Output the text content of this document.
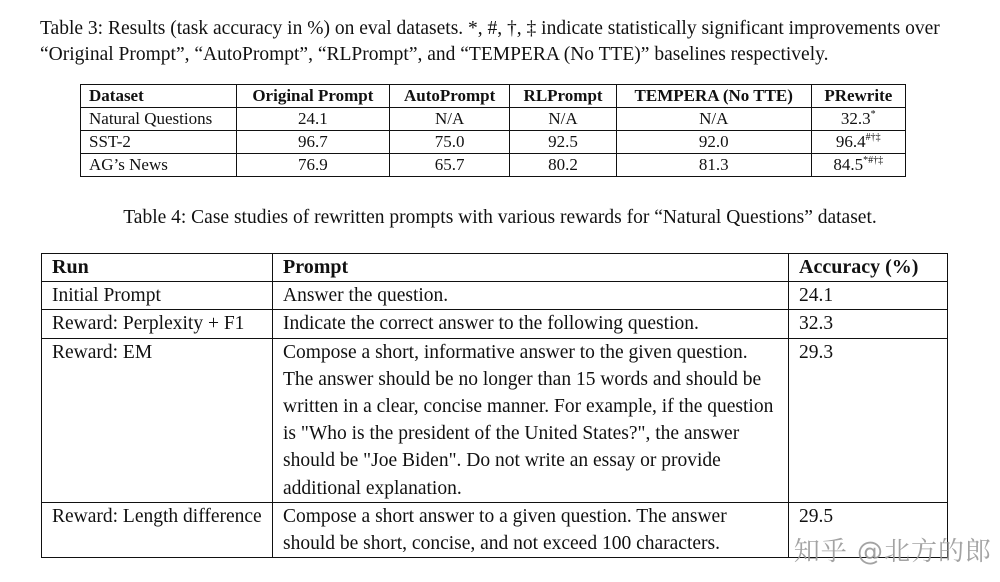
Table 3: Results (task accuracy in %) on eval datasets. *, #, †, ‡ indicate statistically significant improvements over “Original Prompt”, “AutoPrompt”, “RLPrompt”, and “TEMPERA (No TTE)” baselines respectively.
Dataset	Original Prompt	AutoPrompt	RLPrompt	TEMPERA (No TTE)	PRewrite
Natural Questions	24.1	N/A	N/A	N/A	32.3*
SST-2	96.7	75.0	92.5	92.0	96.4#†‡
AG’s News	76.9	65.7	80.2	81.3	84.5*#†‡
Table 4: Case studies of rewritten prompts with various rewards for “Natural Questions” dataset.
Run	Prompt	Accuracy (%)
Initial Prompt	Answer the question.	24.1
Reward: Perplexity + F1	Indicate the correct answer to the following question.	32.3
Reward: EM	Compose a short, informative answer to the given question. The answer should be no longer than 15 words and should be written in a clear, concise manner. For example, if the question is "Who is the president of the United States?", the answer should be "Joe Biden". Do not write an essay or provide additional explanation.	29.3
Reward: Length difference	Compose a short answer to a given question. The answer should be short, concise, and not exceed 100 characters.	29.5
知乎 @北方的郎
